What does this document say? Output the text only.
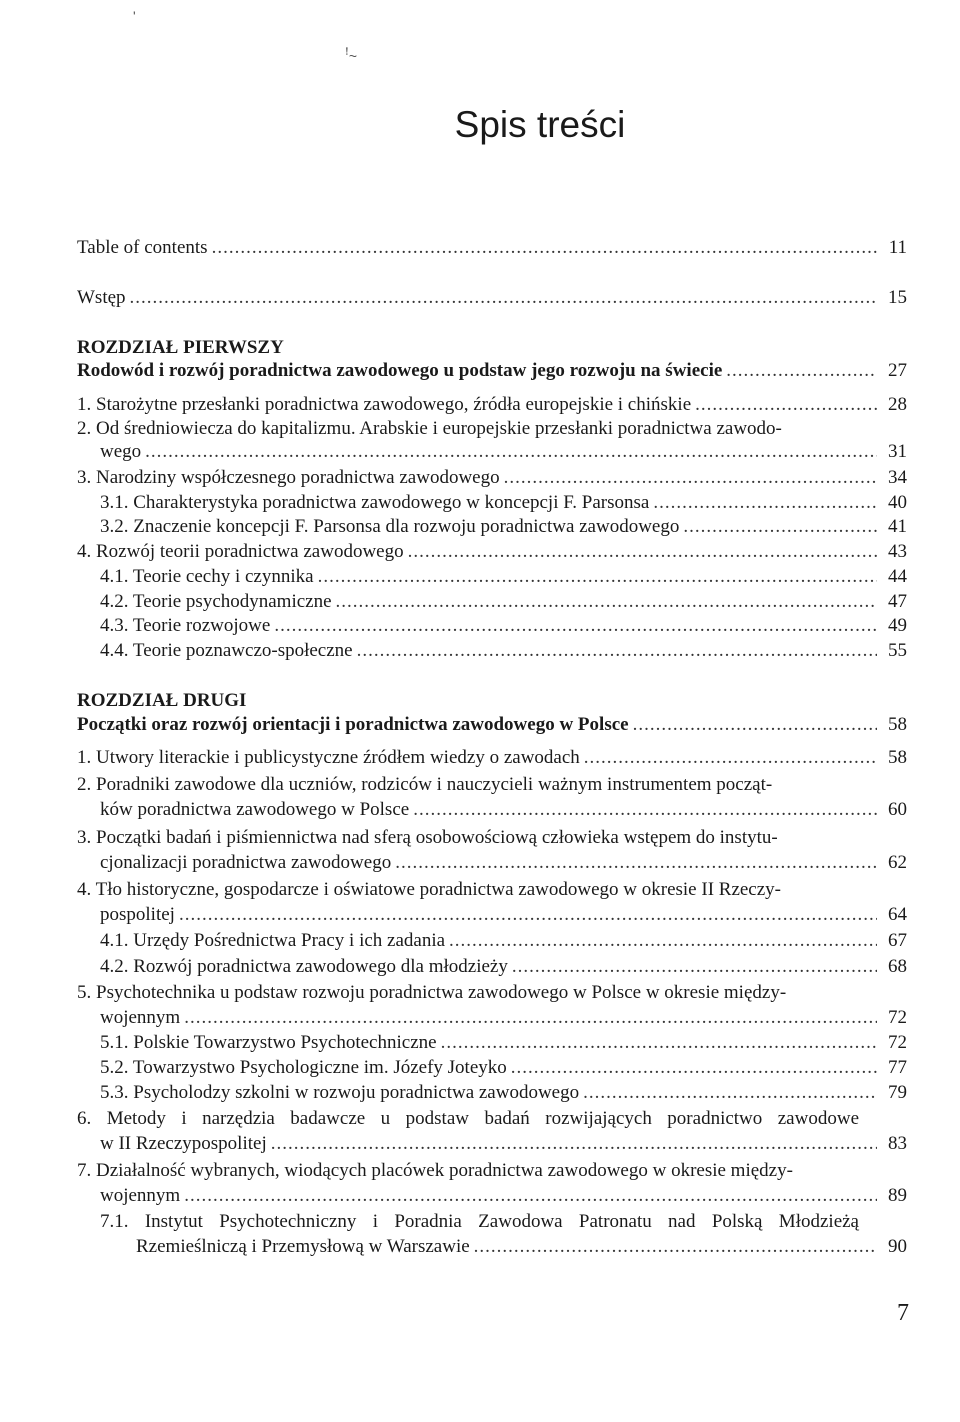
'
ꜝ~
Spis treści
Table of contents .....	11
Wstęp .....	15
ROZDZIAŁ PIERWSZY
Rodowód i rozwój poradnictwa zawodowego u podstaw jego rozwoju na świecie .....	27
1. Starożytne przesłanki poradnictwa zawodowego, źródła europejskie i chińskie .....	28
2. Od średniowiecza do kapitalizmu. Arabskie i europejskie przesłanki poradnictwa zawodo-
wego .....	31
3. Narodziny współczesnego poradnictwa zawodowego .....	34
3.1. Charakterystyka poradnictwa zawodowego w koncepcji F. Parsonsa .....	40
3.2. Znaczenie koncepcji F. Parsonsa dla rozwoju poradnictwa zawodowego .....	41
4. Rozwój teorii poradnictwa zawodowego .....	43
4.1. Teorie cechy i czynnika .....	44
4.2. Teorie psychodynamiczne .....	47
4.3. Teorie rozwojowe .....	49
4.4. Teorie poznawczo-społeczne .....	55
ROZDZIAŁ DRUGI
Początki oraz rozwój orientacji i poradnictwa zawodowego w Polsce .....	58
1. Utwory literackie i publicystyczne źródłem wiedzy o zawodach .....	58
2. Poradniki zawodowe dla uczniów, rodziców i nauczycieli ważnym instrumentem począt-
ków poradnictwa zawodowego w Polsce .....	60
3. Początki badań i piśmiennictwa nad sferą osobowościową człowieka wstępem do instytu-
cjonalizacji poradnictwa zawodowego .....	62
4. Tło historyczne, gospodarcze i oświatowe poradnictwa zawodowego w okresie II Rzeczy-
pospolitej .....	64
4.1. Urzędy Pośrednictwa Pracy i ich zadania .....	67
4.2. Rozwój poradnictwa zawodowego dla młodzieży .....	68
5. Psychotechnika u podstaw rozwoju poradnictwa zawodowego w Polsce w okresie między-
wojennym .....	72
5.1. Polskie Towarzystwo Psychotechniczne .....	72
5.2. Towarzystwo Psychologiczne im. Józefy Joteyko .....	77
5.3. Psycholodzy szkolni w rozwoju poradnictwa zawodowego .....	79
6. Metody i narzędzia badawcze u podstaw badań rozwijających poradnictwo zawodowe
w II Rzeczypospolitej .....	83
7. Działalność wybranych, wiodących placówek poradnictwa zawodowego w okresie między-
wojennym .....	89
7.1. Instytut Psychotechniczny i Poradnia Zawodowa Patronatu nad Polską Młodzieżą
Rzemieślniczą i Przemysłową w Warszawie .....	90
7
